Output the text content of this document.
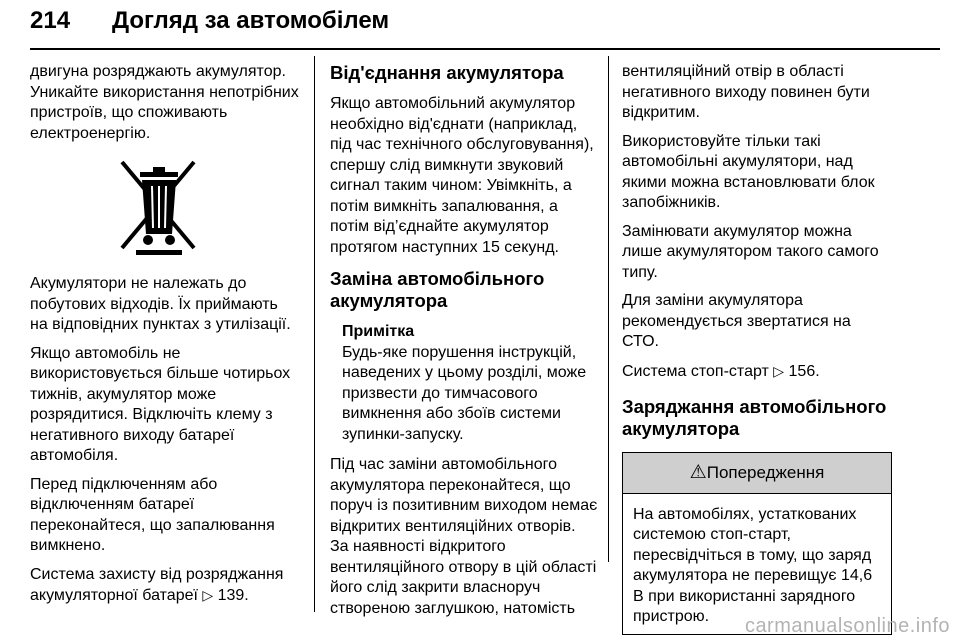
214 Догляд за автомобілем

двигуна розряджають акумулятор. Уникайте використання непотрібних пристроїв, що споживають електроенергію.

Акумулятори не належать до побутових відходів. Їх приймають на відповідних пунктах з утилізації.

Якщо автомобіль не використовується більше чотирьох тижнів, акумулятор може розрядитися. Відключіть клему з негативного виходу батареї автомобіля.

Перед підключенням або відключенням батареї переконайтеся, що запалювання вимкнено.

Система захисту від розряджання акумуляторної батареї ▷ 139.

Від'єднання акумулятора

Якщо автомобільний акумулятор необхідно від'єднати (наприклад, під час технічного обслуговування), спершу слід вимкнути звуковий сигнал таким чином: Увімкніть, а потім вимкніть запалювання, а потім від’єднайте акумулятор протягом наступних 15 секунд.

Заміна автомобільного акумулятора
Примітка
Будь-яке порушення інструкцій, наведених у цьому розділі, може призвести до тимчасового вимкнення або збоїв системи зупинки-запуску.

Під час заміни автомобільного акумулятора переконайтеся, що поруч із позитивним виходом немає відкритих вентиляційних отворів. За наявності відкритого вентиляційного отвору в цій області його слід закрити власноруч створеною заглушкою, натомість

вентиляційний отвір в області негативного виходу повинен бути відкритим.

Використовуйте тільки такі автомобільні акумулятори, над якими можна встановлювати блок запобіжників.

Замінювати акумулятор можна лише акумулятором такого самого типу.

Для заміни акумулятора рекомендується звертатися на СТО.

Система стоп-старт ▷ 156.

Заряджання автомобільного акумулятора
⚠Попередження
На автомобілях, устаткованих системою стоп-старт, пересвідчіться в тому, що заряд акумулятора не перевищує 14,6 В при використанні зарядного пристрою.	carmanualsonline.info
